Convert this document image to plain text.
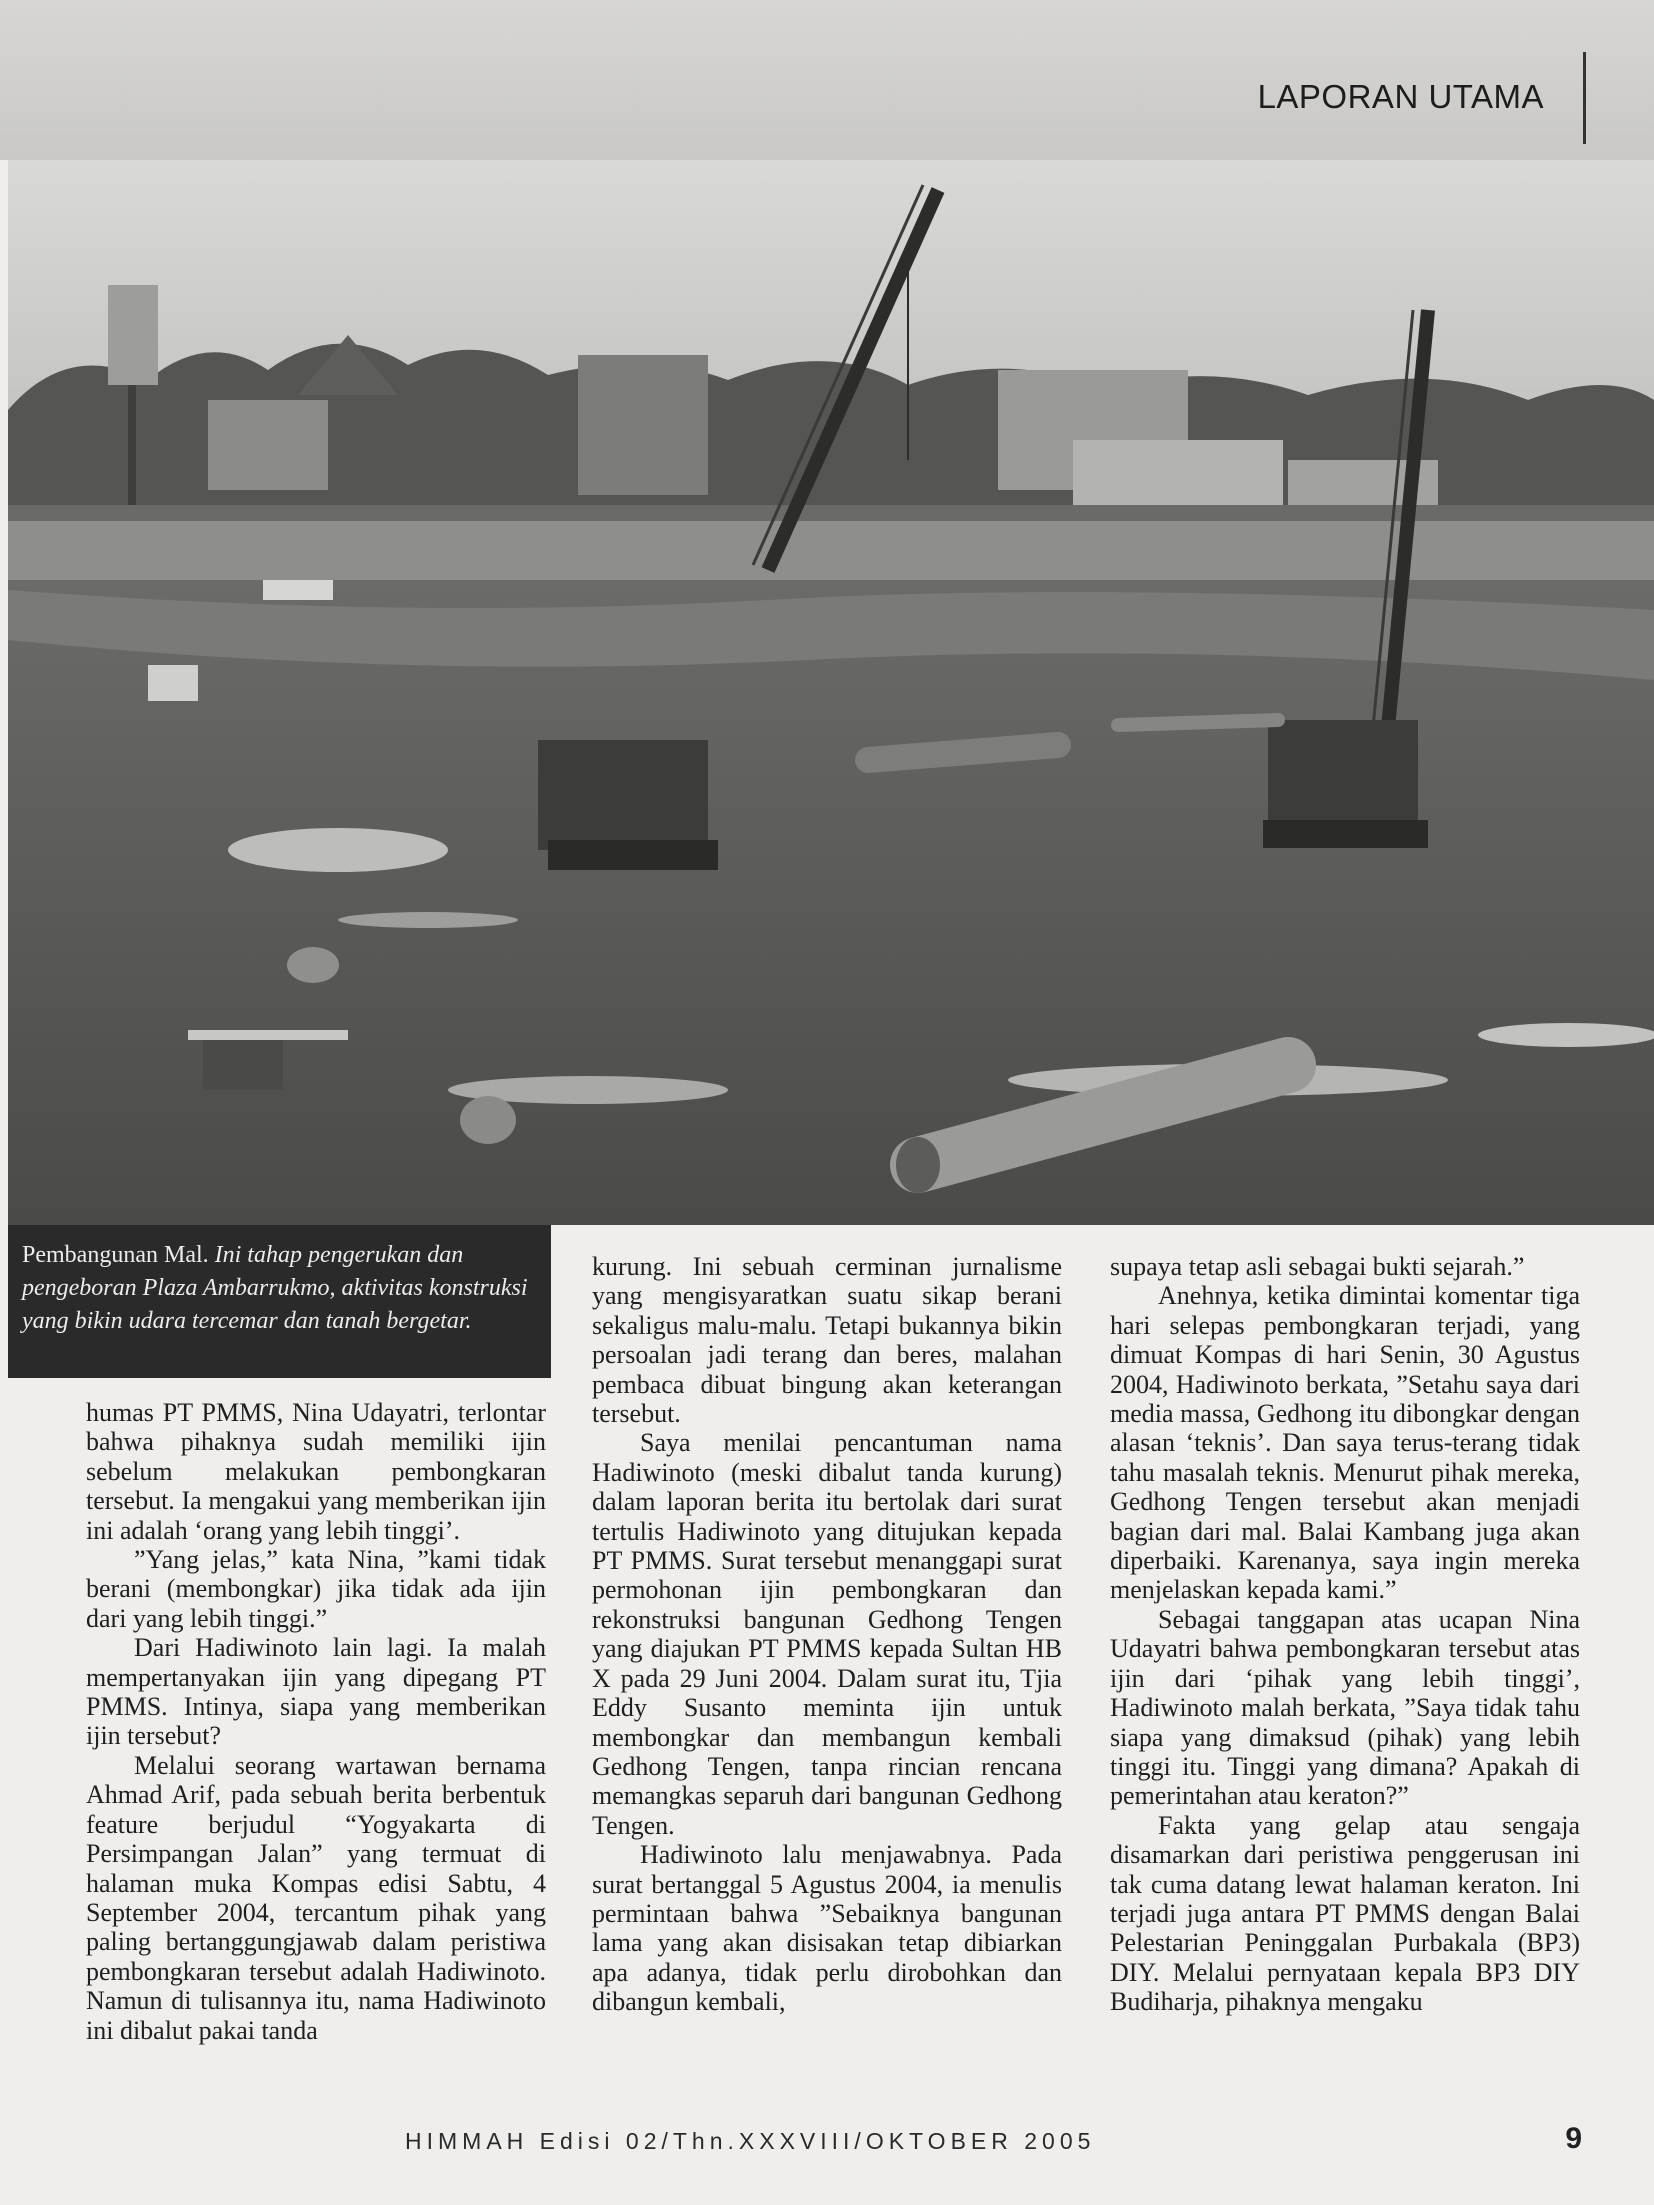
LAPORAN UTAMA
Pembangunan Mal. Ini tahap pengerukan dan pengeboran Plaza Ambarrukmo, aktivitas konstruksi yang bikin udara tercemar dan tanah bergetar.

humas PT PMMS, Nina Udayatri, terlontar bahwa pihaknya sudah memiliki ijin sebelum melakukan pembongkaran tersebut. Ia mengakui yang memberikan ijin ini adalah ‘orang yang lebih tinggi’.

”Yang jelas,” kata Nina, ”kami tidak berani (membongkar) jika tidak ada ijin dari yang lebih tinggi.”

Dari Hadiwinoto lain lagi. Ia malah mempertanyakan ijin yang dipegang PT PMMS. Intinya, siapa yang memberikan ijin tersebut?

Melalui seorang wartawan bernama Ahmad Arif, pada sebuah berita berbentuk feature berjudul “Yogyakarta di Persimpangan Jalan” yang termuat di halaman muka Kompas edisi Sabtu, 4 September 2004, tercantum pihak yang paling bertanggungjawab dalam peristiwa pembongkaran tersebut adalah Hadiwinoto. Namun di tulisannya itu, nama Hadiwinoto ini dibalut pakai tanda

kurung. Ini sebuah cerminan jurnalisme yang mengisyaratkan suatu sikap berani sekaligus malu-malu. Tetapi bukannya bikin persoalan jadi terang dan beres, malahan pembaca dibuat bingung akan keterangan tersebut.

Saya menilai pencantuman nama Hadiwinoto (meski dibalut tanda kurung) dalam laporan berita itu bertolak dari surat tertulis Hadiwinoto yang ditujukan kepada PT PMMS. Surat tersebut menanggapi surat permohonan ijin pembongkaran dan rekonstruksi bangunan Gedhong Tengen yang diajukan PT PMMS kepada Sultan HB X pada 29 Juni 2004. Dalam surat itu, Tjia Eddy Susanto meminta ijin untuk membongkar dan membangun kembali Gedhong Tengen, tanpa rincian rencana memangkas separuh dari bangunan Gedhong Tengen.

Hadiwinoto lalu menjawabnya. Pada surat bertanggal 5 Agustus 2004, ia menulis permintaan bahwa ”Sebaiknya bangunan lama yang akan disisakan tetap dibiarkan apa adanya, tidak perlu dirobohkan dan dibangun kembali,

supaya tetap asli sebagai bukti sejarah.”

Anehnya, ketika dimintai komentar tiga hari selepas pembongkaran terjadi, yang dimuat Kompas di hari Senin, 30 Agustus 2004, Hadiwinoto berkata, ”Setahu saya dari media massa, Gedhong itu dibongkar dengan alasan ‘teknis’. Dan saya terus-terang tidak tahu masalah teknis. Menurut pihak mereka, Gedhong Tengen tersebut akan menjadi bagian dari mal. Balai Kambang juga akan diperbaiki. Karenanya, saya ingin mereka menjelaskan kepada kami.”

Sebagai tanggapan atas ucapan Nina Udayatri bahwa pembongkaran tersebut atas ijin dari ‘pihak yang lebih tinggi’, Hadiwinoto malah berkata, ”Saya tidak tahu siapa yang dimaksud (pihak) yang lebih tinggi itu. Tinggi yang dimana? Apakah di pemerintahan atau keraton?”

Fakta yang gelap atau sengaja disamarkan dari peristiwa penggerusan ini tak cuma datang lewat halaman keraton. Ini terjadi juga antara PT PMMS dengan Balai Pelestarian Peninggalan Purbakala (BP3) DIY. Melalui pernyataan kepala BP3 DIY Budiharja, pihaknya mengaku

HIMMAH Edisi 02/Thn.XXXVIII/OKTOBER 2005	9
